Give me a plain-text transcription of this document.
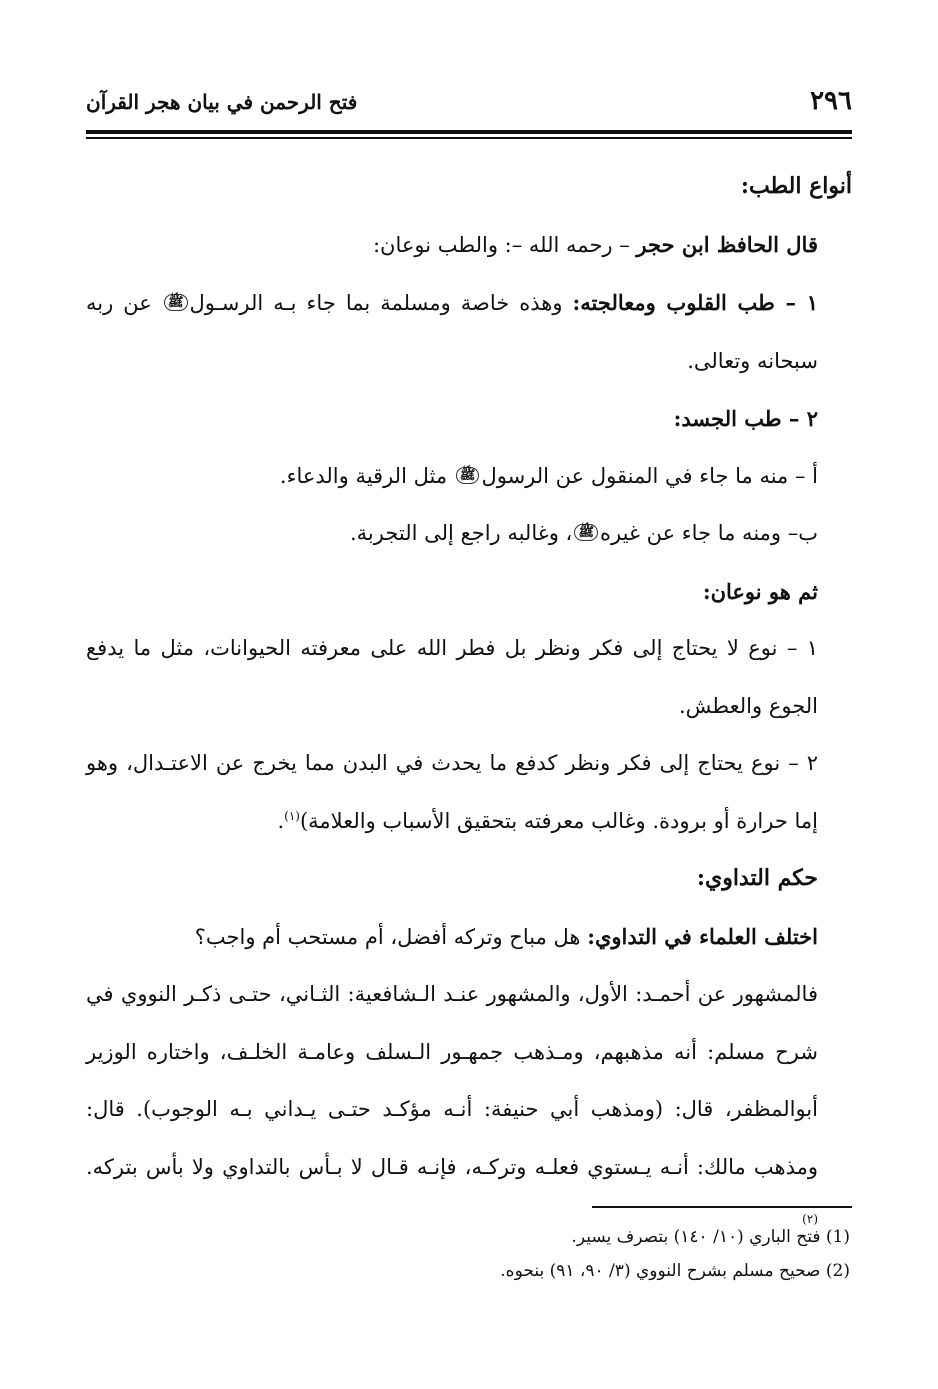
٢٩٦
فتح الرحمن في بيان هجر القرآن

أنواع الطب:

قال الحافظ ابن حجر – رحمه الله –: والطب نوعان:

١ – طب القلوب ومعالجته: وهذه خاصة ومسلمة بما جاء بـه الرسـولﷺ عن ربه سبحانه وتعالى.

٢ – طب الجسد:

أ – منه ما جاء في المنقول عن الرسولﷺ مثل الرقية والدعاء.

ب– ومنه ما جاء عن غيرهﷺ، وغالبه راجع إلى التجربة.

ثم هو نوعان:

١ – نوع لا يحتاج إلى فكر ونظر بل فطر الله على معرفته الحيوانات، مثل ما يدفع الجوع والعطش.

٢ – نوع يحتاج إلى فكر ونظر كدفع ما يحدث في البدن مما يخرج عن الاعتـدال، وهو إما حرارة أو برودة. وغالب معرفته بتحقيق الأسباب والعلامة)$^{(١)}$.

حكم التداوي:

اختلف العلماء في التداوي: هل مباح وتركه أفضل، أم مستحب أم واجب؟

فالمشهور عن أحمـد: الأول، والمشهور عنـد الـشافعية: الثـاني، حتـى ذكـر النووي في شرح مسلم: أنه مذهبهم، ومـذهب جمهـور الـسلف وعامـة الخلـف، واختاره الوزير أبوالمظفر، قال: (ومذهب أبي حنيفة: أنـه مؤكـد حتـى يـداني بـه الوجوب). قال: ومذهب مالك: أنـه يـستوي فعلـه وتركـه، فإنـه قـال لا بـأس بالتداوي ولا بأس بتركه. $^{(٢)}$

(1) فتح الباري (١٠/ ١٤٠) بتصرف يسير.

(2) صحيح مسلم بشرح النووي (٣/ ٩٠، ٩١) بنحوه.
